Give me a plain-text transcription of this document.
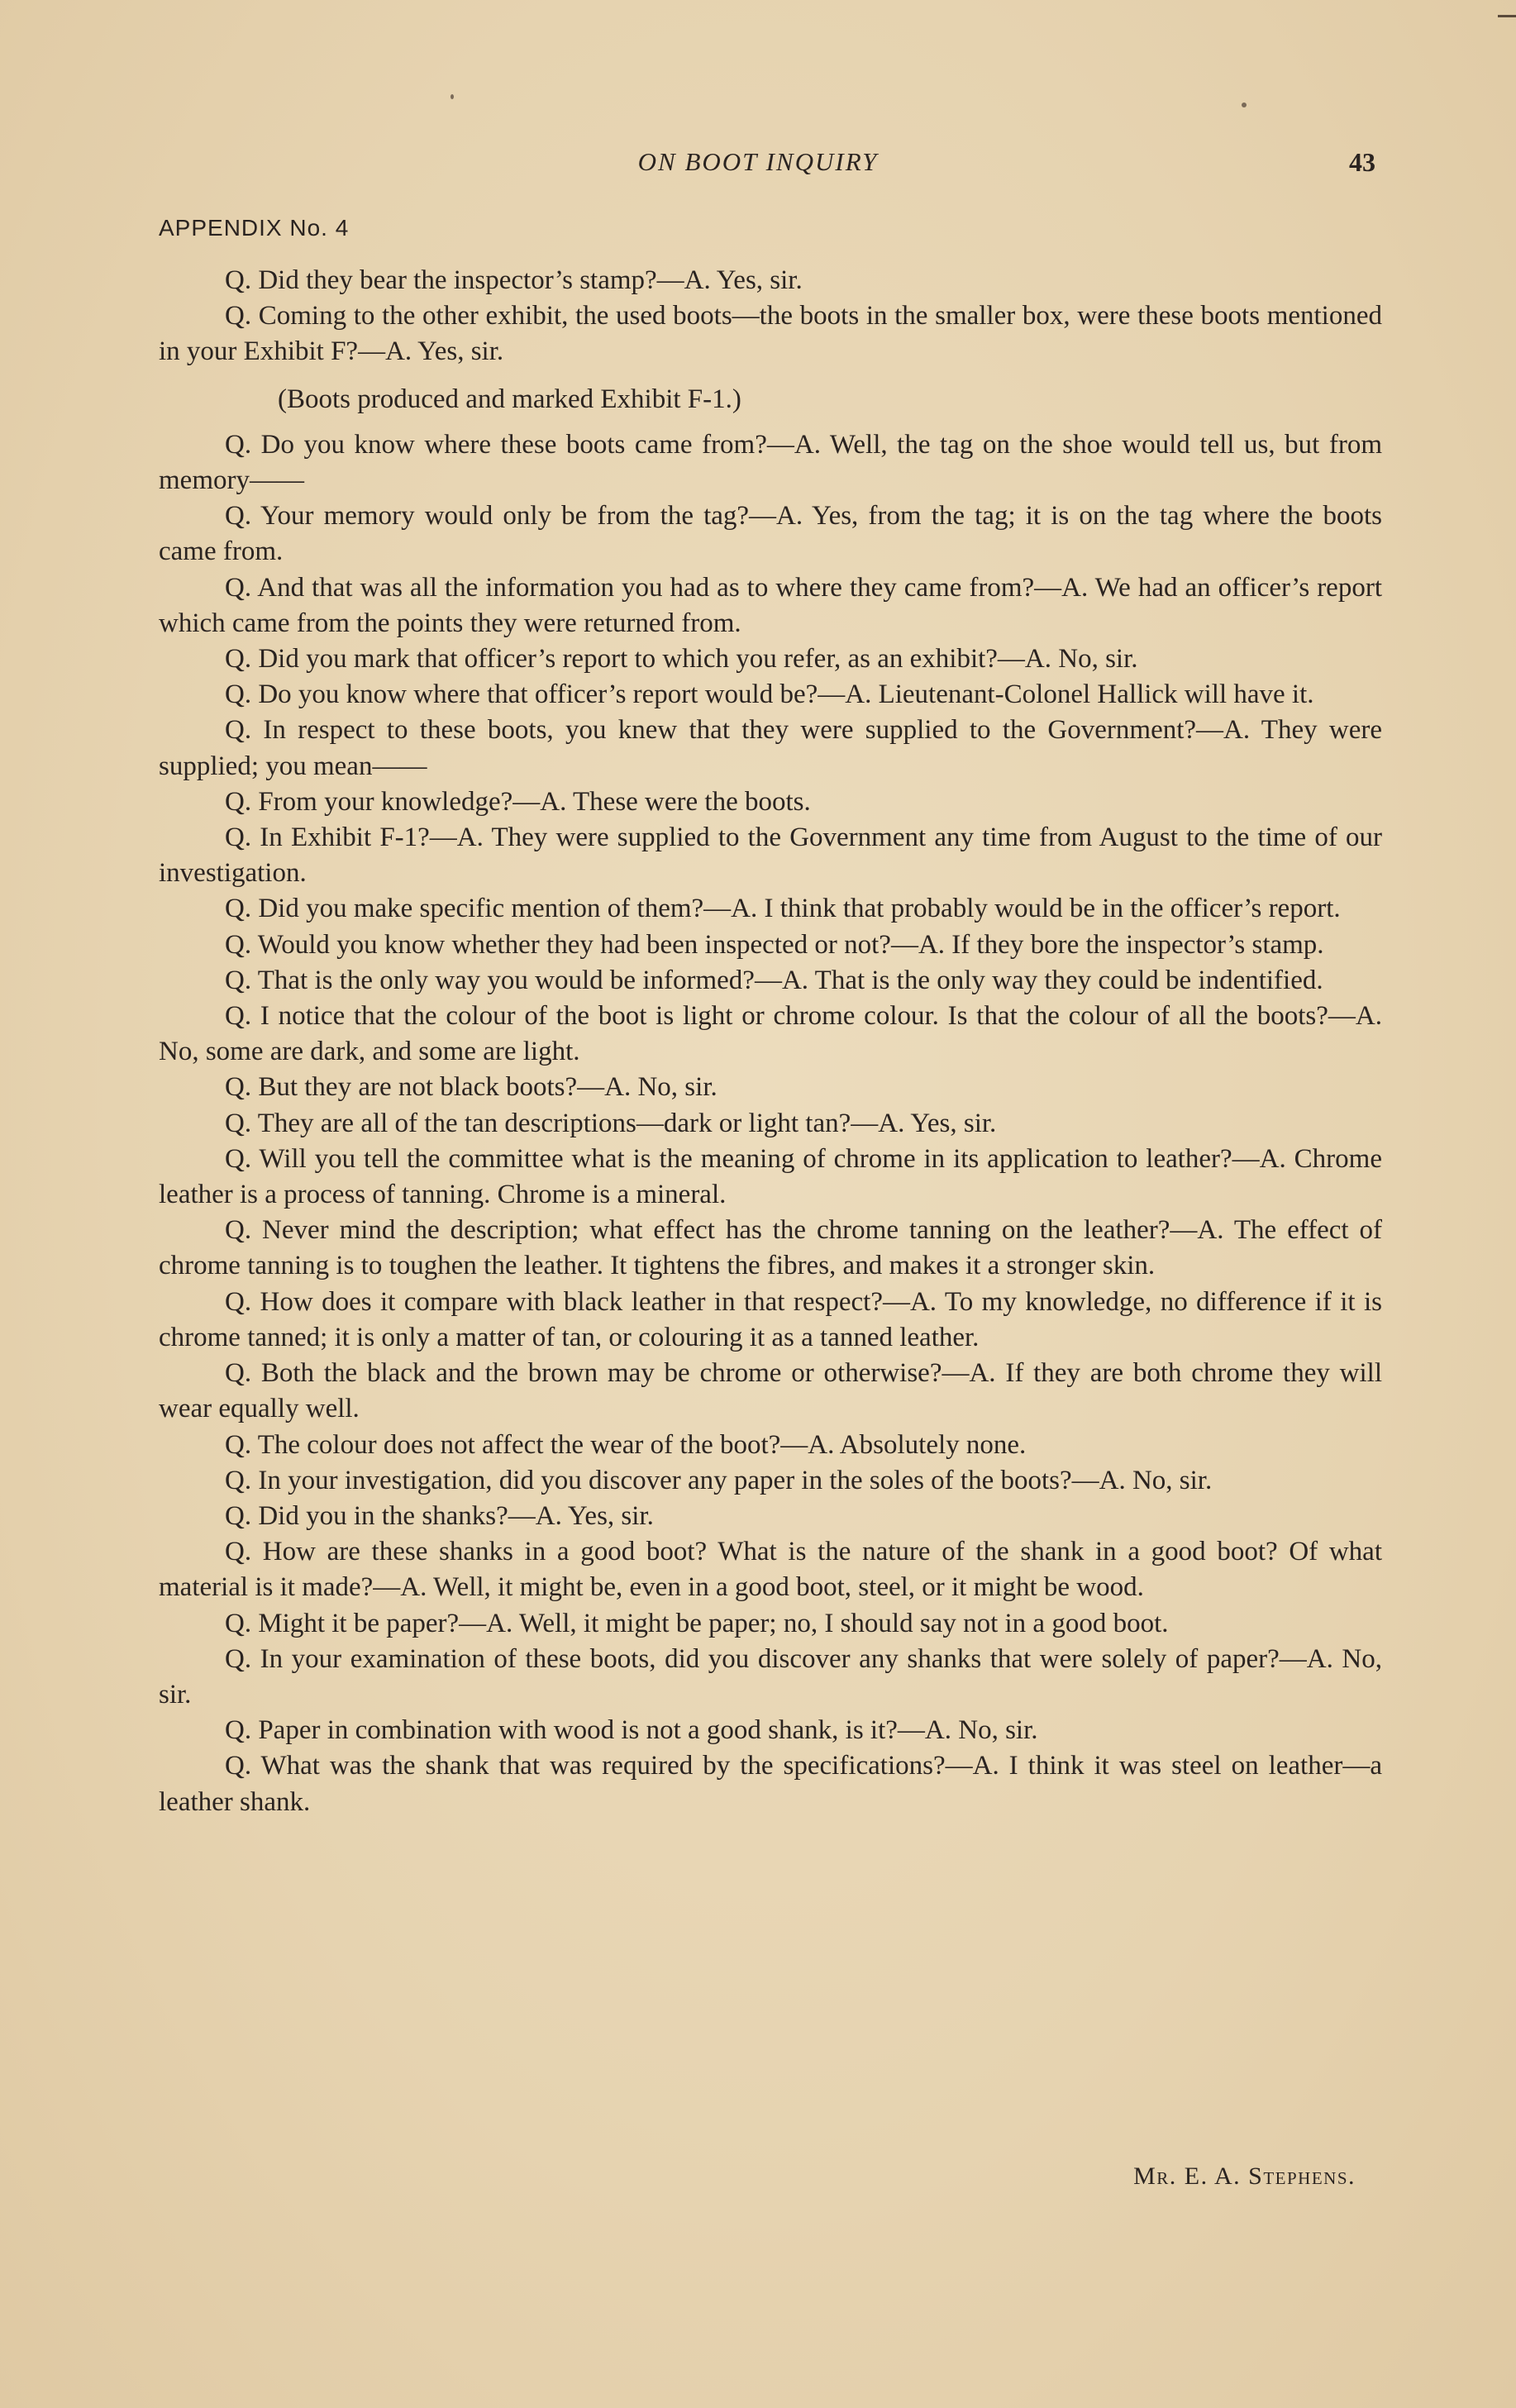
ON BOOT INQUIRY	43
APPENDIX No. 4

Q. Did they bear the inspector’s stamp?—A. Yes, sir.

Q. Coming to the other exhibit, the used boots—the boots in the smaller box, were these boots mentioned in your Exhibit F?—A. Yes, sir.

(Boots produced and marked Exhibit F-1.)

Q. Do you know where these boots came from?—A. Well, the tag on the shoe would tell us, but from memory——

Q. Your memory would only be from the tag?—A. Yes, from the tag; it is on the tag where the boots came from.

Q. And that was all the information you had as to where they came from?—A. We had an officer’s report which came from the points they were returned from.

Q. Did you mark that officer’s report to which you refer, as an exhibit?—A. No, sir.

Q. Do you know where that officer’s report would be?—A. Lieutenant-Colonel Hallick will have it.

Q. In respect to these boots, you knew that they were supplied to the Government?—A. They were supplied; you mean——

Q. From your knowledge?—A. These were the boots.

Q. In Exhibit F-1?—A. They were supplied to the Government any time from August to the time of our investigation.

Q. Did you make specific mention of them?—A. I think that probably would be in the officer’s report.

Q. Would you know whether they had been inspected or not?—A. If they bore the inspector’s stamp.

Q. That is the only way you would be informed?—A. That is the only way they could be indentified.

Q. I notice that the colour of the boot is light or chrome colour. Is that the colour of all the boots?—A. No, some are dark, and some are light.

Q. But they are not black boots?—A. No, sir.

Q. They are all of the tan descriptions—dark or light tan?—A. Yes, sir.

Q. Will you tell the committee what is the meaning of chrome in its application to leather?—A. Chrome leather is a process of tanning. Chrome is a mineral.

Q. Never mind the description; what effect has the chrome tanning on the leather?—A. The effect of chrome tanning is to toughen the leather. It tightens the fibres, and makes it a stronger skin.

Q. How does it compare with black leather in that respect?—A. To my knowledge, no difference if it is chrome tanned; it is only a matter of tan, or colouring it as a tanned leather.

Q. Both the black and the brown may be chrome or otherwise?—A. If they are both chrome they will wear equally well.

Q. The colour does not affect the wear of the boot?—A. Absolutely none.

Q. In your investigation, did you discover any paper in the soles of the boots?—A. No, sir.

Q. Did you in the shanks?—A. Yes, sir.

Q. How are these shanks in a good boot? What is the nature of the shank in a good boot? Of what material is it made?—A. Well, it might be, even in a good boot, steel, or it might be wood.

Q. Might it be paper?—A. Well, it might be paper; no, I should say not in a good boot.

Q. In your examination of these boots, did you discover any shanks that were solely of paper?—A. No, sir.

Q. Paper in combination with wood is not a good shank, is it?—A. No, sir.

Q. What was the shank that was required by the specifications?—A. I think it was steel on leather—a leather shank.

Mr. E. A. Stephens.
